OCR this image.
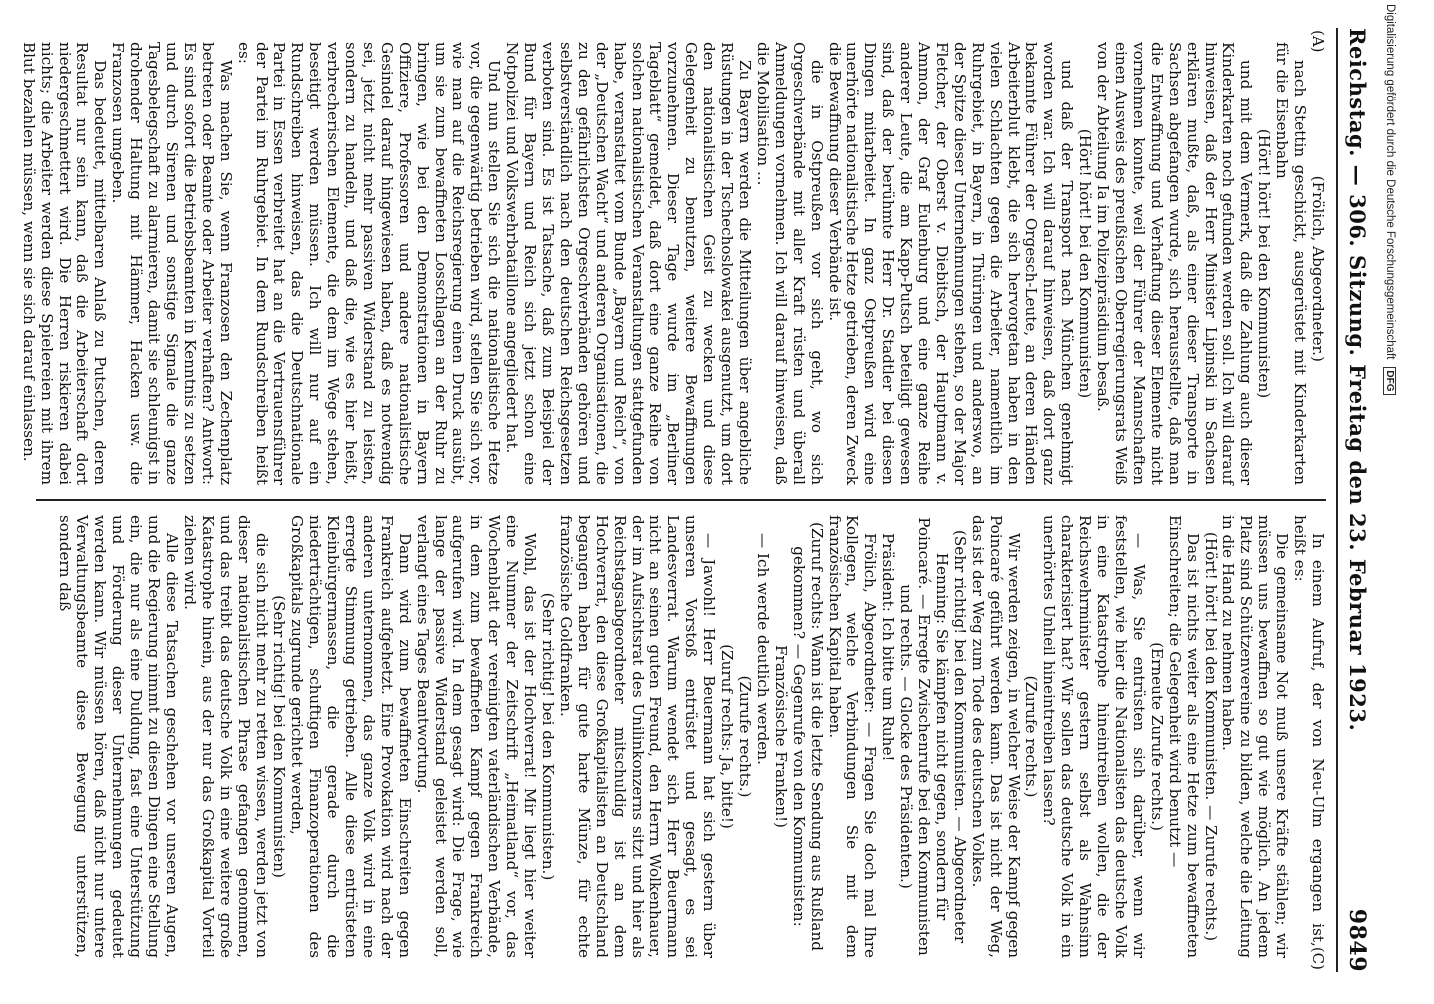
Reichstag. — 306. Sitzung. Freitag den 23. Februar 1923.
9849
(A)

(Frölich, Abgeordneter.)

nach Stettin geschickt, ausgerüstet mit Kinderkarten für die Eisenbahn

(Hört! hört! bei den Kommunisten)

und mit dem Vermerk, daß die Zahlung auch dieser Kinderkarten noch gefunden werden soll. Ich will darauf hinweisen, daß der Herr Minister Lipinski in Sachsen erklären mußte, daß, als einer dieser Transporte in Sachsen abgefangen wurde, sich herausstellte, daß man die Entwaffnung und Verhaftung dieser Elemente nicht vornehmen konnte, weil der Führer der Mannschaften einen Ausweis des preußischen Oberregierungsrats Weiß von der Abteilung Ia im Polizeipräsidium besaß.

(Hört! hört! bei den Kommunisten)

und daß der Transport nach München genehmigt worden war. Ich will darauf hinweisen, daß dort ganz bekannte Führer der Orgesch-Leute, an deren Händen Arbeiterblut klebt, die sich hervorgetan haben in den vielen Schlachten gegen die Arbeiter, namentlich im Ruhrgebiet, in Bayern, in Thüringen und anderswo, an der Spitze dieser Unternehmungen stehen, so der Major Fletcher, der Oberst v. Diebitsch, der Hauptmann v. Ammon, der Graf Eulenburg und eine ganze Reihe anderer Leute, die am Kapp-Putsch beteiligt gewesen sind, daß der berühmte Herr Dr. Stadtler bei diesen Dingen mitarbeitet. In ganz Ostpreußen wird eine unerhörte nationalistische Hetze getrieben, deren Zweck die Bewaffnung dieser Verbände ist.

die in Ostpreußen vor sich geht, wo sich Orgeschverbände mit aller Kraft rüsten und überall Anmeldungen vornehmen. Ich will darauf hinweisen, daß die Mobilisation ...

Zu Bayern werden die Mitteilungen über angebliche Rüstungen in der Tschechoslowakei ausgenutzt, um dort den nationalistischen Geist zu wecken und diese Gelegenheit zu benutzen, weitere Bewaffnungen vorzunehmen. Dieser Tage wurde im „Berliner Tageblatt“ gemeldet, daß dort eine ganze Reihe von solchen nationalistischen Veranstaltungen stattgefunden habe, veranstaltet vom Bunde „Bayern und Reich“, von der „Deutschen Wacht“ und anderen Organisationen, die zu den gefährlichsten Orgeschverbänden gehören und selbstverständlich nach den deutschen Reichsgesetzen verboten sind. Es ist Tatsache, daß zum Beispiel der Bund für Bayern und Reich sich jetzt schon eine Notpolizei und Volkswehrbataillone angegliedert hat.

Und nun stellen Sie sich die nationalistische Hetze vor, die gegenwärtig betrieben wird, stellen Sie sich vor, wie man auf die Reichsregierung einen Druck ausübt, um sie zum bewaffneten Losschlagen an der Ruhr zu bringen, wie bei den Demonstrationen in Bayern Offiziere, Professoren und andere nationalistische Gesindel darauf hingewiesen haben, daß es notwendig sei, jetzt nicht mehr passiven Widerstand zu leisten, sondern zu handeln, und daß die, wie es hier heißt, verbrecherischen Elemente, die dem im Wege stehen, beseitigt werden müssen. Ich will nur auf ein Rundschreiben hinweisen, das die Deutschnationale Partei in Essen verbreitet hat an die Vertrauensführer der Partei im Ruhrgebiet. In dem Rundschreiben heißt es:

Was machen Sie, wenn Franzosen den Zechenplatz betreten oder Beamte oder Arbeiter verhaften? Antwort: Es sind sofort die Betriebsbeamten in Kenntnis zu setzen und durch Sirenen und sonstige Signale die ganze Tagesbelegschaft zu alarmieren, damit sie schleunigst in drohender Haltung mit Hämmer, Hacken usw. die Franzosen umgeben.

Das bedeutet, mittelbaren Anlaß zu Putschen, deren Resultat nur sein kann, daß die Arbeiterschaft dort niedergeschmettert wird. Die Herren riskieren dabei nichts; die Arbeiter werden diese Spielereien mit ihrem Blut bezahlen müssen, wenn sie sich darauf einlassen.

(C)

In einem Aufruf, der von Neu-Ulm ergangen ist, heißt es:

Die gemeinsame Not muß unsere Kräfte stählen; wir müssen uns bewaffnen so gut wie möglich. An jedem Platz sind Schützenvereine zu bilden, welche die Leitung in die Hand zu nehmen haben.

(Hört! hört! bei den Kommunisten. — Zurufe rechts.)

Das ist nichts weiter als eine Hetze zum bewaffneten Einschreiten; die Gelegenheit wird benutzt —

(Erneute Zurufe rechts.)

— Was, Sie entrüsten sich darüber, wenn wir feststellen, wie hier die Nationalisten das deutsche Volk in eine Katastrophe hineintreiben wollen, die der Reichswehrminister gestern selbst als Wahnsinn charakterisiert hat? Wir sollen das deutsche Volk in ein unerhörtes Unheil hineintreiben lassen?

(Zurufe rechts.)

Wir werden zeigen, in welcher Weise der Kampf gegen Poincaré geführt werden kann. Das ist nicht der Weg, das ist der Weg zum Tode des deutschen Volkes.

(Sehr richtig! bei den Kommunisten. — Abgeordneter Henning: Sie kämpfen nicht gegen, sondern für Poincaré. — Erregte Zwischenrufe bei den Kommunisten und rechts. — Glocke des Präsidenten.)

Präsident: Ich bitte um Ruhe!

Frölich, Abgeordneter: — Fragen Sie doch mal Ihre Kollegen, welche Verbindungen Sie mit dem französischen Kapital haben.

(Zuruf rechts: Wann ist die letzte Sendung aus Rußland gekommen? — Gegenrufe von den Kommunisten: Französische Franken!)

— Ich werde deutlich werden.

(Zurufe rechts.)

(Zuruf rechts: Ja, bitte!)

— Jawohl! Herr Beuermann hat sich gestern über unseren Vorstoß entrüstet und gesagt, es sei Landesverrat. Warum wendet sich Herr Beuermann nicht an seinen guten Freund, den Herrn Wolkenhauer, der im Aufsichtsrat des Unilinkonzerns sitzt und hier als Reichstagsabgeordneter mitschuldig ist an dem Hochverrat, den diese Großkapitalisten an Deutschland begangen haben für gute harte Münze, für echte französische Goldfranken.

(Sehr richtig! bei den Kommunisten.)

Wohl, das ist der Hochverrat! Mir liegt hier weiter eine Nummer der Zeitschrift „Heimatland“ vor, das Wochenblatt der vereinigten vaterländischen Verbände, in dem zum bewaffneten Kampf gegen Frankreich aufgerufen wird. In dem gesagt wird: Die Frage, wie lange der passive Widerstand geleistet werden soll, verlangt eines Tages Beantwortung.

Dann wird zum bewaffneten Einschreiten gegen Frankreich aufgehetzt. Eine Provokation wird nach der anderen unternommen, das ganze Volk wird in eine erregte Stimmung getrieben. Alle diese entrüsteten Kleinbürgermassen, die gerade durch die niederträchtigen, schuftigen Finanzoperationen des Großkapitals zugrunde gerichtet werden,

(Sehr richtig! bei den Kommunisten)

die sich nicht mehr zu retten wissen, werden jetzt von dieser nationalistischen Phrase gefangen genommen, und das treibt das deutsche Volk in eine weitere große Katastrophe hinein, aus der nur das Großkapital Vorteil ziehen wird.

Alle diese Tatsachen geschehen vor unseren Augen, und die Regierung nimmt zu diesen Dingen eine Stellung ein, die nur als eine Duldung, fast eine Unterstützung und Förderung dieser Unternehmungen gedeutet werden kann. Wir müssen hören, daß nicht nur untere Verwaltungsbeamte diese Bewegung unterstützen, sondern daß

Digitalisierung gefördert durch die Deutsche Forschungsgemeinschaft
DFG
